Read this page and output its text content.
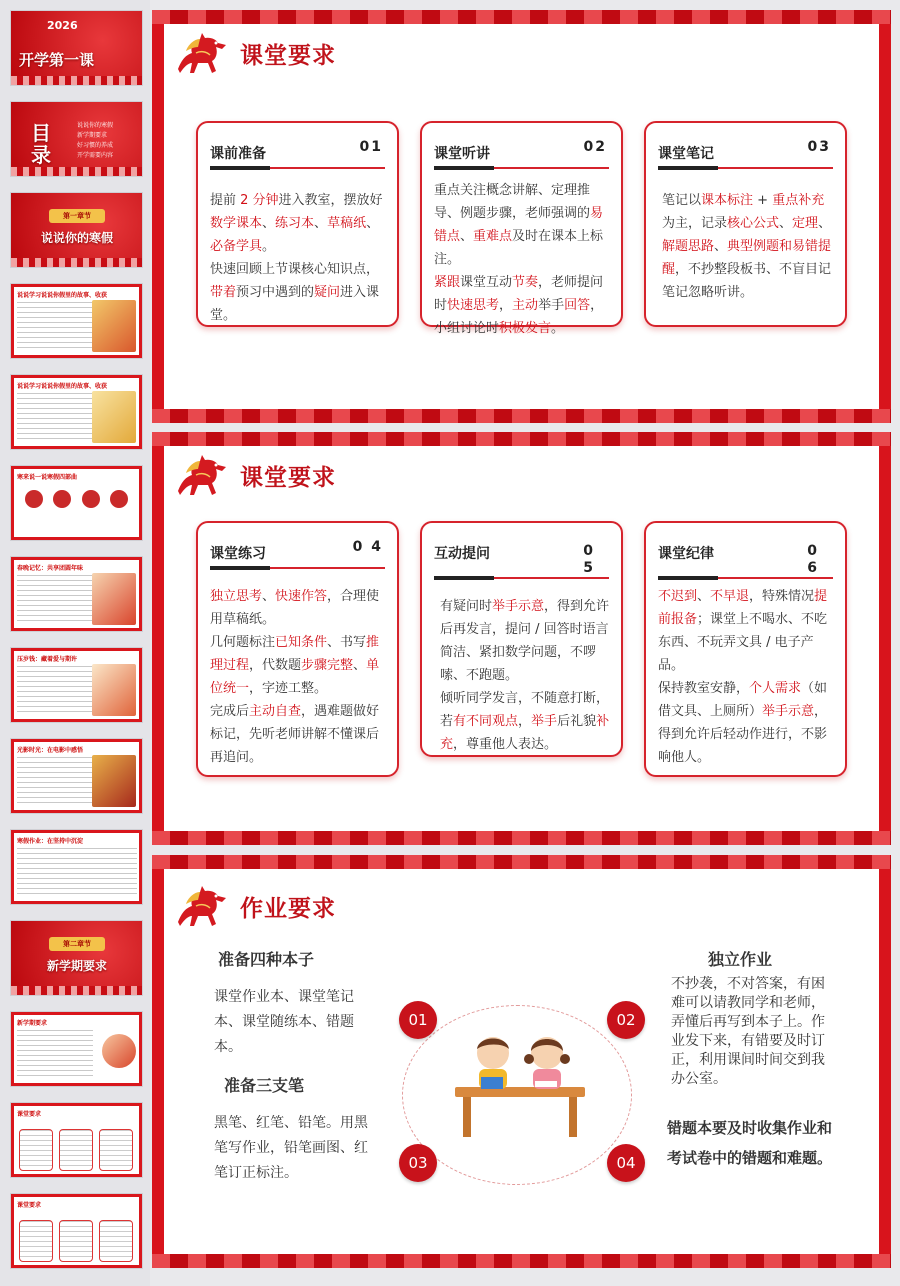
2026
开学第一课
目录
说说你的寒假
新学期要求
好习惯的养成
开学需要内容
第一章节
说说你的寒假
说说学习说说你假里的故事、收获
说说学习说说你假里的故事、收获
寒来说一说寒假四部曲
春晚记忆：共享团圆年味
压岁钱：藏着爱与期许
光影时光：在电影中感悟
寒假作业：在坚持中沉淀
第二章节
新学期要求
新学期要求
课堂要求
课堂要求
课堂要求
课前准备	01

提前 2 分钟进入教室，摆放好数学课本、练习本、草稿纸、必备学具。

快速回顾上节课核心知识点，带着预习中遇到的疑问进入课堂。

课堂听讲	02

重点关注概念讲解、定理推导、例题步骤，老师强调的易错点、重难点及时在课本上标注。

紧跟课堂互动节奏，老师提问时快速思考，主动举手回答，小组讨论时积极发言。

课堂笔记	03

笔记以课本标注 + 重点补充为主，记录核心公式、定理、解题思路、典型例题和易错提醒，不抄整段板书、不盲目记笔记忽略听讲。

课堂要求
课堂练习	0 4

独立思考、快速作答，合理使用草稿纸。

几何题标注已知条件、书写推理过程，代数题步骤完整、单位统一，字迹工整。

完成后主动自查，遇难题做好标记，先听老师讲解不懂课后再追问。

互动提问	0
5

有疑问时举手示意，得到允许后再发言，提问 / 回答时语言简洁、紧扣数学问题，不啰嗦、不跑题。

倾听同学发言，不随意打断，若有不同观点，举手后礼貌补充，尊重他人表达。

课堂纪律	0
6

不迟到、不早退，特殊情况提前报备；课堂上不喝水、不吃东西、不玩弄文具 / 电子产品。

保持教室安静，个人需求（如借文具、上厕所）举手示意，得到允许后轻动作进行，不影响他人。

作业要求
准备四种本子
课堂作业本、课堂笔记本、课堂随练本、错题本。
准备三支笔
黑笔、红笔、铅笔。用黑笔写作业，铅笔画图、红笔订正标注。
01	02
03	04
独立作业
不抄袭，不对答案，有困难可以请教同学和老师，弄懂后再写到本子上。作业发下来，有错要及时订正，利用课间时间交到我办公室。
错题本要及时收集作业和考试卷中的错题和难题。
